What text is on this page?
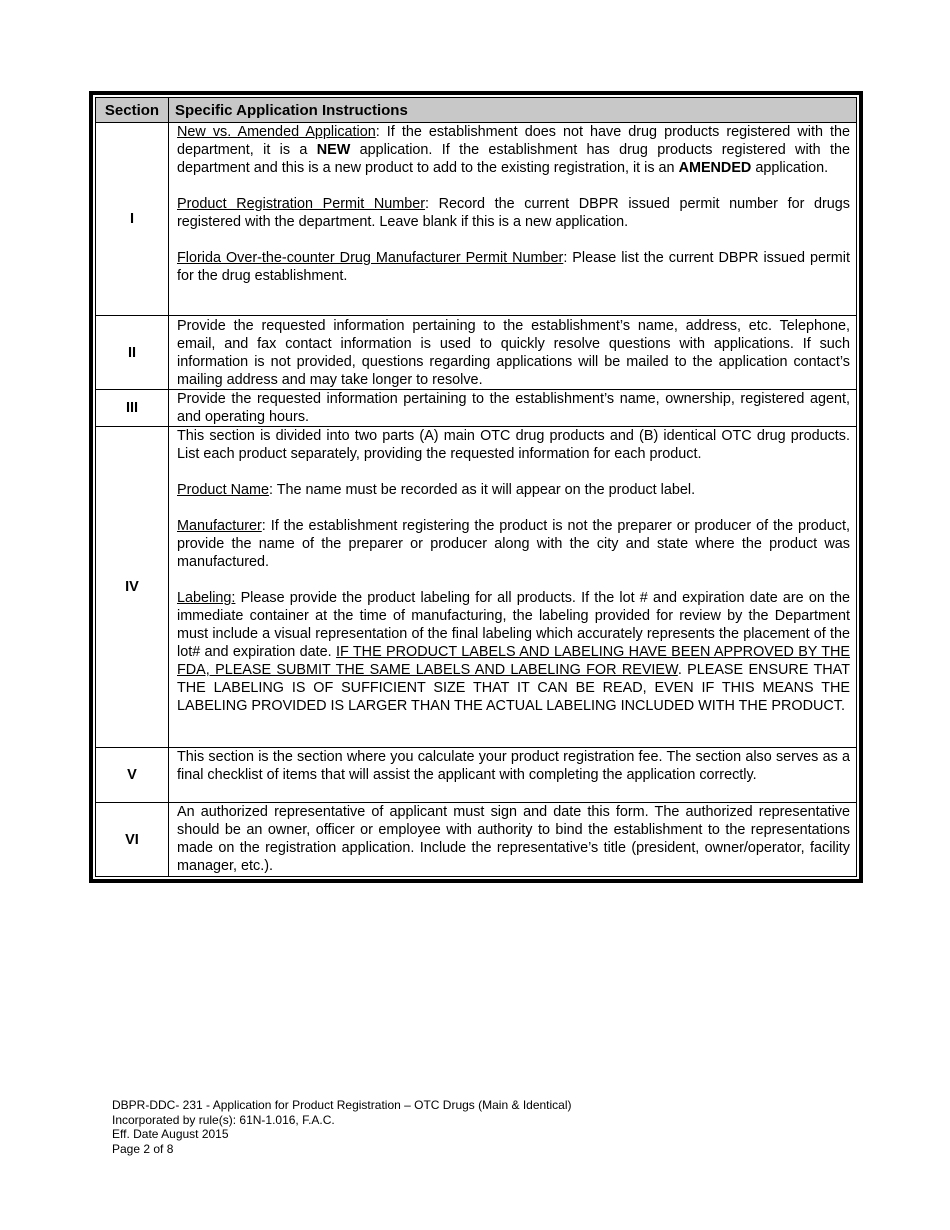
Section	Specific Application Instructions
I	New vs. Amended Application: If the establishment does not have drug products registered with the department, it is a NEW application. If the establishment has drug products registered with the department and this is a new product to add to the existing registration, it is an AMENDED application.

Product Registration Permit Number: Record the current DBPR issued permit number for drugs registered with the department. Leave blank if this is a new application.

Florida Over-the-counter Drug Manufacturer Permit Number: Please list the current DBPR issued permit for the drug establishment.

II	Provide the requested information pertaining to the establishment’s name, address, etc. Telephone, email, and fax contact information is used to quickly resolve questions with applications. If such information is not provided, questions regarding applications will be mailed to the application contact’s mailing address and may take longer to resolve.
III	Provide the requested information pertaining to the establishment’s name, ownership, registered agent, and operating hours.
IV	This section is divided into two parts (A) main OTC drug products and (B) identical OTC drug products. List each product separately, providing the requested information for each product.

Product Name: The name must be recorded as it will appear on the product label.

Manufacturer: If the establishment registering the product is not the preparer or producer of the product, provide the name of the preparer or producer along with the city and state where the product was manufactured.

Labeling: Please provide the product labeling for all products. If the lot # and expiration date are on the immediate container at the time of manufacturing, the labeling provided for review by the Department must include a visual representation of the final labeling which accurately represents the placement of the lot# and expiration date. IF THE PRODUCT LABELS AND LABELING HAVE BEEN APPROVED BY THE FDA, PLEASE SUBMIT THE SAME LABELS AND LABELING FOR REVIEW. PLEASE ENSURE THAT THE LABELING IS OF SUFFICIENT SIZE THAT IT CAN BE READ, EVEN IF THIS MEANS THE LABELING PROVIDED IS LARGER THAN THE ACTUAL LABELING INCLUDED WITH THE PRODUCT.

V	This section is the section where you calculate your product registration fee. The section also serves as a final checklist of items that will assist the applicant with completing the application correctly.
VI	An authorized representative of applicant must sign and date this form. The authorized representative should be an owner, officer or employee with authority to bind the establishment to the representations made on the registration application. Include the representative’s title (president, owner/operator, facility manager, etc.).
DBPR-DDC- 231 - Application for Product Registration – OTC Drugs (Main & Identical)
Incorporated by rule(s): 61N-1.016, F.A.C.
Eff. Date August 2015
Page 2 of 8
